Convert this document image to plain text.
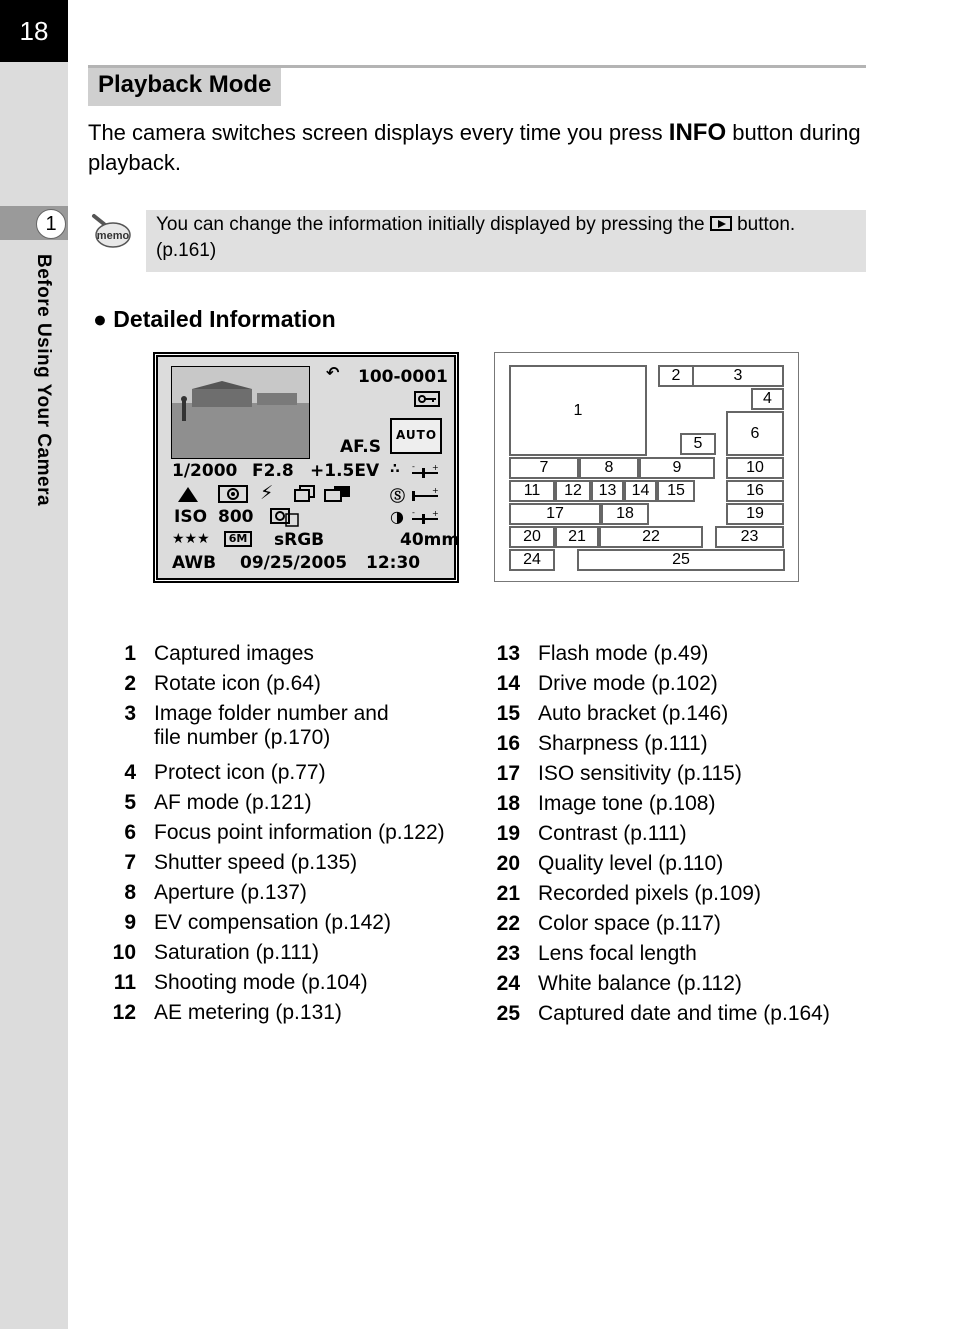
18
1
Before Using Your Camera
Playback Mode
The camera switches screen displays every time you press INFO button during playback.
memo
You can change the information initially displayed by pressing the  button. (p.161)
● Detailed Information
↶ 100-0001
AF.S
AUTO
1/2000 F2.8 +1.5EV ∴ - +
⚡	Ⓢ	+
ISO 800	◑ - +
★★★	6M sRGB	40mm
AWB 09/25/2005 12:30
1
2	3
4
5
6
7	8	9	10
11	12	13 14	15	16
17	18	19
20	21	22	23
24	25
1 Captured images
2 Rotate icon (p.64)
3 Image folder number and file number (p.170)
4 Protect icon (p.77)
5 AF mode (p.121)
6 Focus point information (p.122)
7 Shutter speed (p.135)
8 Aperture (p.137)
9 EV compensation (p.142)
10 Saturation (p.111)
11 Shooting mode (p.104)
12 AE metering (p.131)
13 Flash mode (p.49)
14 Drive mode (p.102)
15 Auto bracket (p.146)
16 Sharpness (p.111)
17 ISO sensitivity (p.115)
18 Image tone (p.108)
19 Contrast (p.111)
20 Quality level (p.110)
21 Recorded pixels (p.109)
22 Color space (p.117)
23 Lens focal length
24 White balance (p.112)
25 Captured date and time (p.164)
